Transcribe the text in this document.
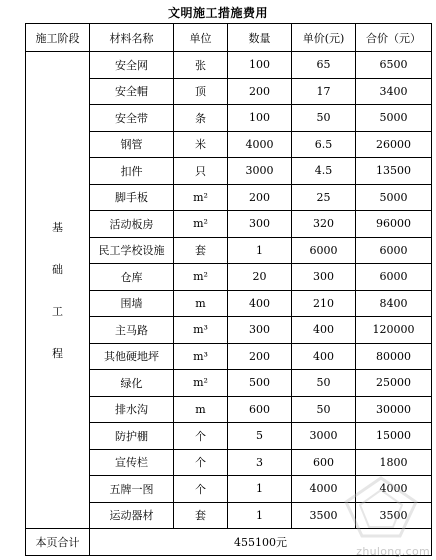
文明施工措施费用
施工阶段	材料名称	单位	数量	单价(元)	合价（元）

基
础
工
程	安全网	张	100	65	6500
	安全帽	顶	200	17	3400
	安全带	条	100	50	5000
	钢管	米	4000	6.5	26000
	扣件	只	3000	4.5	13500
	脚手板	m²	200	25	5000
	活动板房	m²	300	320	96000
	民工学校设施	套	1	6000	6000
	仓库	m²	20	300	6000
	围墙	m	400	210	8400
	主马路	m³	300	400	120000
	其他硬地坪	m³	200	400	80000
	绿化	m²	500	50	25000
	排水沟	m	600	50	30000
	防护棚	个	5	3000	15000
	宣传栏	个	3	600	1800
	五牌一图	个	1	4000	4000
	运动器材	套	1	3500	3500
本页合计	455100元				
zhulong.com
